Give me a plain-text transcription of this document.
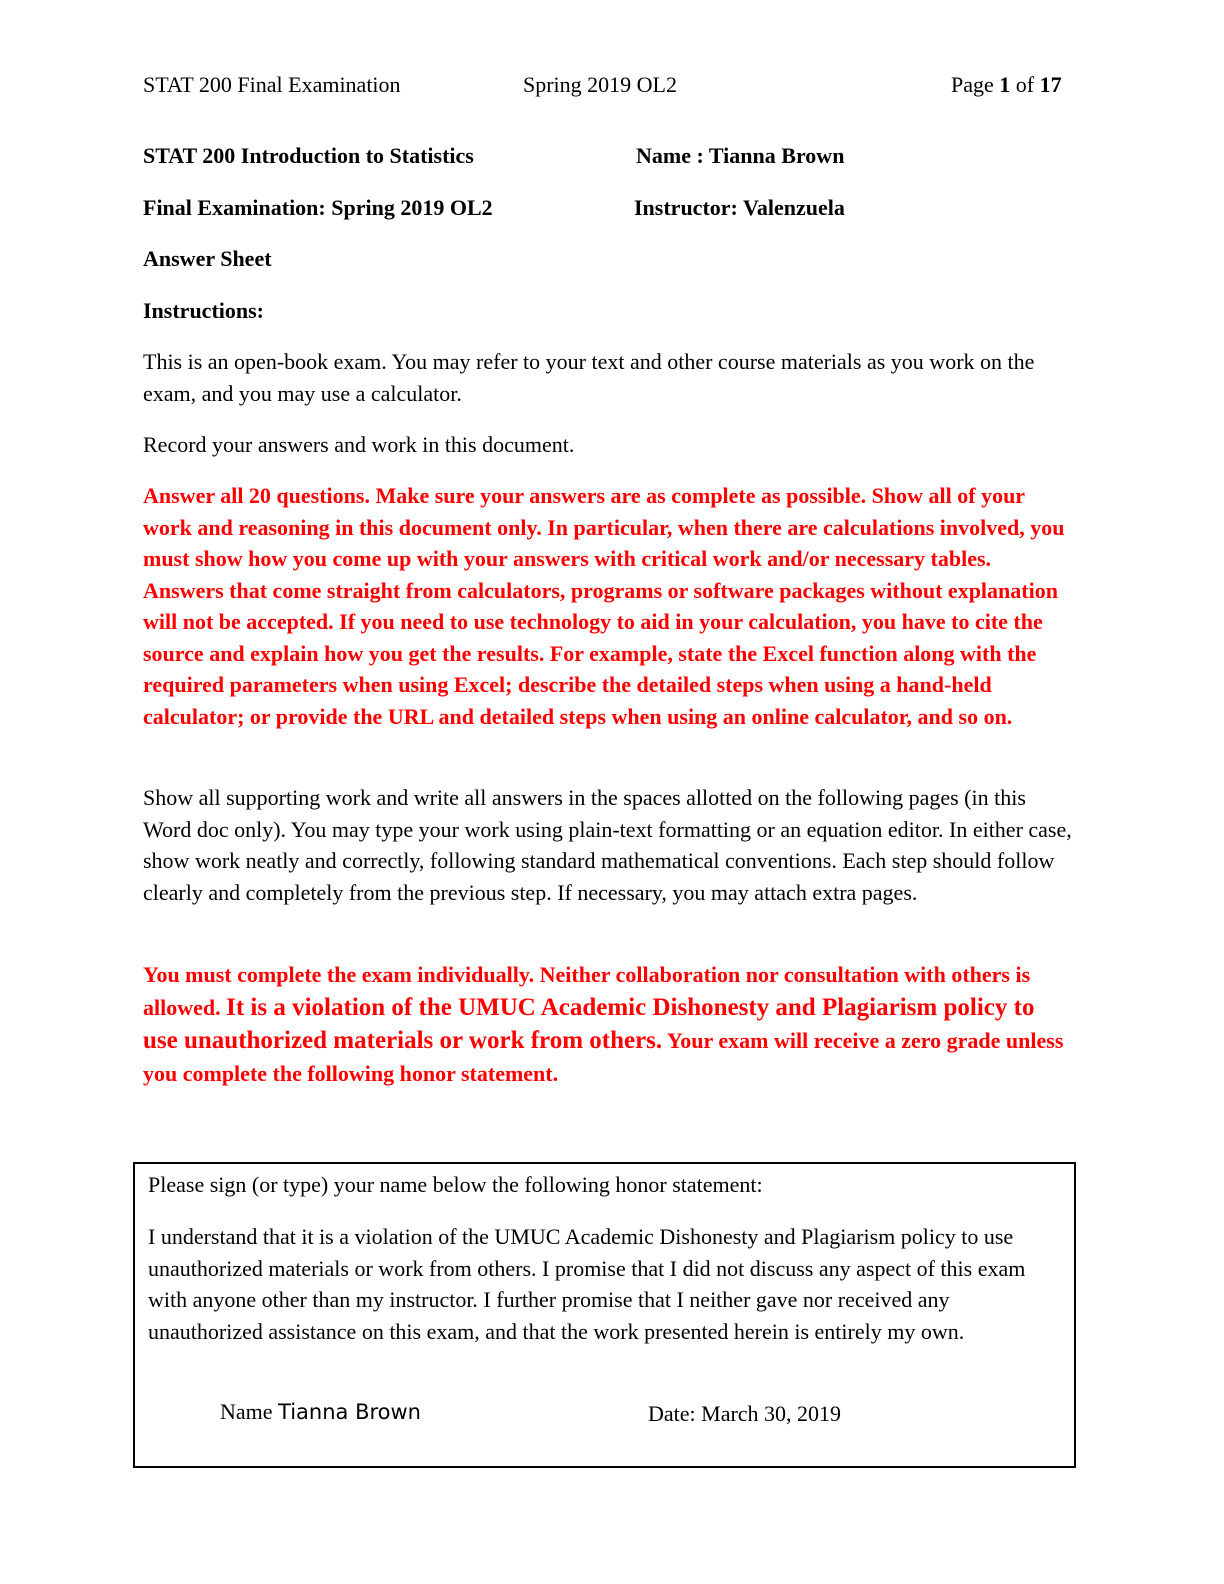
STAT 200 Final Examination	Spring 2019 OL2	Page 1 of 17
STAT 200 Introduction to Statistics	Name : Tianna Brown
Final Examination: Spring 2019 OL2	Instructor: Valenzuela
Answer Sheet
Instructions:
This is an open-book exam. You may refer to your text and other course materials as you work on the exam, and you may use a calculator.
Record your answers and work in this document.
Answer all 20 questions. Make sure your answers are as complete as possible. Show all of your work and reasoning in this document only. In particular, when there are calculations involved, you must show how you come up with your answers with critical work and/or necessary tables. Answers that come straight from calculators, programs or software packages without explanation will not be accepted. If you need to use technology to aid in your calculation, you have to cite the source and explain how you get the results. For example, state the Excel function along with the required parameters when using Excel; describe the detailed steps when using a hand-held calculator; or provide the URL and detailed steps when using an online calculator, and so on.
Show all supporting work and write all answers in the spaces allotted on the following pages (in this Word doc only). You may type your work using plain-text formatting or an equation editor. In either case, show work neatly and correctly, following standard mathematical conventions. Each step should follow clearly and completely from the previous step. If necessary, you may attach extra pages.
You must complete the exam individually. Neither collaboration nor consultation with others is allowed. It is a violation of the UMUC Academic Dishonesty and Plagiarism policy to use unauthorized materials or work from others. Your exam will receive a zero grade unless you complete the following honor statement.
Please sign (or type) your name below the following honor statement:
I understand that it is a violation of the UMUC Academic Dishonesty and Plagiarism policy to use unauthorized materials or work from others. I promise that I did not discuss any aspect of this exam with anyone other than my instructor. I further promise that I neither gave nor received any unauthorized assistance on this exam, and that the work presented herein is entirely my own.
Name Tianna Brown	Date: March 30, 2019
